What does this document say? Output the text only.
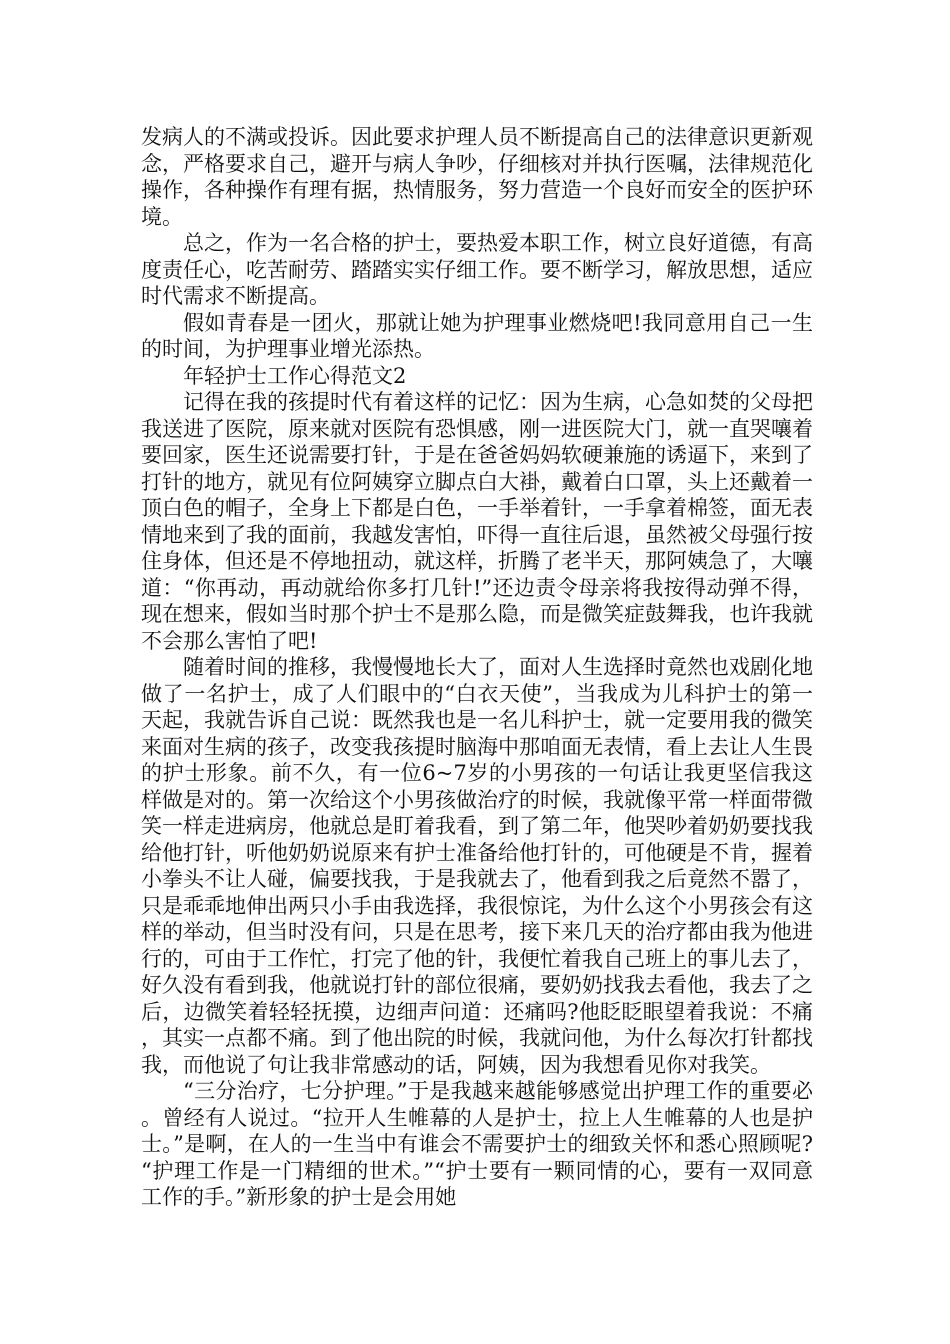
发病人的不满或投诉。因此要求护理人员不断提高自己的法律意识更新观念，严格要求自己，避开与病人争吵，仔细核对并执行医嘱，法律规范化操作，各种操作有理有据，热情服务，努力营造一个良好而安全的医护环境。

总之，作为一名合格的护士，要热爱本职工作，树立良好道德，有高度责任心，吃苦耐劳、踏踏实实仔细工作。要不断学习，解放思想，适应时代需求不断提高。

假如青春是一团火，那就让她为护理事业燃烧吧!我同意用自己一生的时间，为护理事业增光添热。

年轻护士工作心得范文2

记得在我的孩提时代有着这样的记忆：因为生病，心急如焚的父母把我送进了医院，原来就对医院有恐惧感，刚一进医院大门，就一直哭嚷着要回家，医生还说需要打针，于是在爸爸妈妈软硬兼施的诱逼下，来到了打针的地方，就见有位阿姨穿立脚点白大褂，戴着白口罩，头上还戴着一顶白色的帽子，全身上下都是白色，一手举着针，一手拿着棉签，面无表情地来到了我的面前，我越发害怕，吓得一直往后退，虽然被父母强行按住身体，但还是不停地扭动，就这样，折腾了老半天，那阿姨急了，大嚷道：“你再动，再动就给你多打几针!”还边责令母亲将我按得动弹不得，现在想来，假如当时那个护士不是那么隐，而是微笑症鼓舞我，也许我就不会那么害怕了吧!

随着时间的推移，我慢慢地长大了，面对人生选择时竟然也戏剧化地做了一名护士，成了人们眼中的“白衣天使”，当我成为儿科护士的第一天起，我就告诉自己说：既然我也是一名儿科护士，就一定要用我的微笑来面对生病的孩子，改变我孩提时脑海中那咱面无表情，看上去让人生畏的护士形象。前不久，有一位6~7岁的小男孩的一句话让我更坚信我这样做是对的。第一次给这个小男孩做治疗的时候，我就像平常一样面带微笑一样走进病房，他就总是盯着我看，到了第二年，他哭吵着奶奶要找我给他打针，听他奶奶说原来有护士准备给他打针的，可他硬是不肯，握着小拳头不让人碰，偏要找我，于是我就去了，他看到我之后竟然不嚣了，只是乖乖地伸出两只小手由我选择，我很惊诧，为什么这个小男孩会有这样的举动，但当时没有问，只是在思考，接下来几天的治疗都由我为他进行的，可由于工作忙，打完了他的针，我便忙着我自己班上的事儿去了，好久没有看到我，他就说打针的部位很痛，要奶奶找我去看他，我去了之后，边微笑着轻轻抚摸，边细声问道：还痛吗?他眨眨眼望着我说：不痛，其实一点都不痛。到了他出院的时候，我就问他，为什么每次打针都找我，而他说了句让我非常感动的话，阿姨，因为我想看见你对我笑。

“三分治疗，七分护理。”于是我越来越能够感觉出护理工作的重要必。曾经有人说过。“拉开人生帷幕的人是护士，拉上人生帷幕的人也是护士。”是啊，在人的一生当中有谁会不需要护士的细致关怀和悉心照顾呢?“护理工作是一门精细的世术。”“护士要有一颗同情的心，要有一双同意工作的手。”新形象的护士是会用她
